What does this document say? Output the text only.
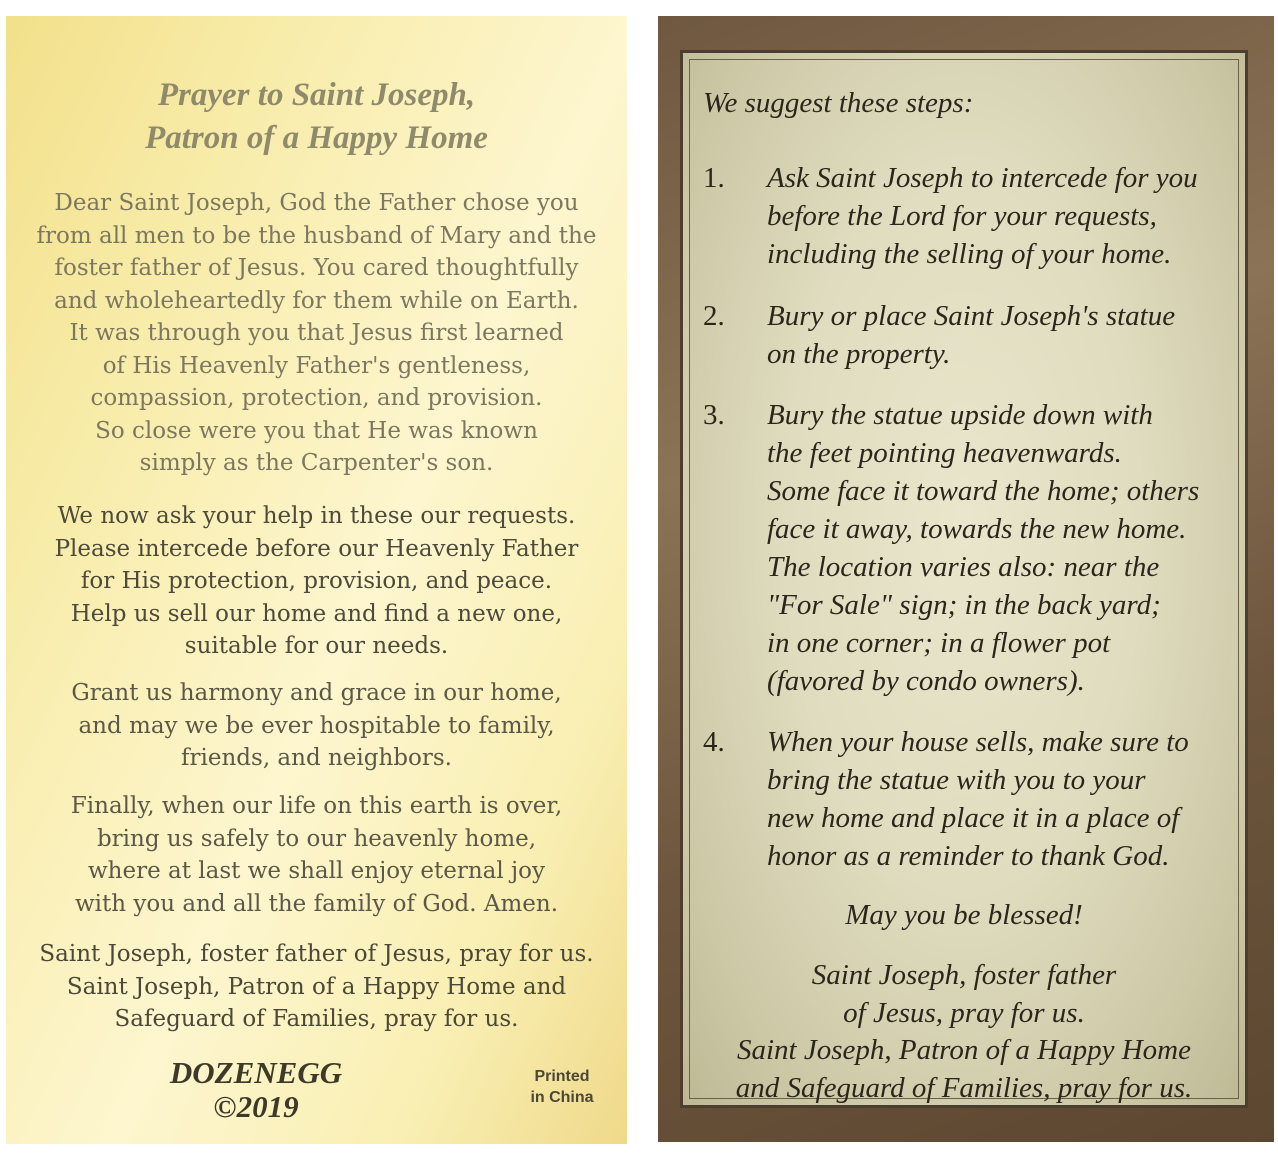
Prayer to Saint Joseph,
Patron of a Happy Home

Dear Saint Joseph, God the Father chose you
from all men to be the husband of Mary and the
foster father of Jesus. You cared thoughtfully
and wholeheartedly for them while on Earth.
It was through you that Jesus first learned
of His Heavenly Father's gentleness,
compassion, protection, and provision.
So close were you that He was known
simply as the Carpenter's son.

We now ask your help in these our requests.
Please intercede before our Heavenly Father
for His protection, provision, and peace.
Help us sell our home and find a new one,
suitable for our needs.

Grant us harmony and grace in our home,
and may we be ever hospitable to family,
friends, and neighbors.

Finally, when our life on this earth is over,
bring us safely to our heavenly home,
where at last we shall enjoy eternal joy
with you and all the family of God. Amen.

Saint Joseph, foster father of Jesus, pray for us.
Saint Joseph, Patron of a Happy Home and
Safeguard of Families, pray for us.

DOZENEGG
©2019
Printed
in China
We suggest these steps:
1.	Ask Saint Joseph to intercede for you
before the Lord for your requests,
including the selling of your home.
2.	Bury or place Saint Joseph's statue
on the property.
3.	Bury the statue upside down with
the feet pointing heavenwards.
Some face it toward the home; others
face it away, towards the new home.
The location varies also: near the
"For Sale" sign; in the back yard;
in one corner; in a flower pot
(favored by condo owners).
4.	When your house sells, make sure to
bring the statue with you to your
new home and place it in a place of
honor as a reminder to thank God.
May you be blessed!
Saint Joseph, foster father
of Jesus, pray for us.
Saint Joseph, Patron of a Happy Home
and Safeguard of Families, pray for us.
